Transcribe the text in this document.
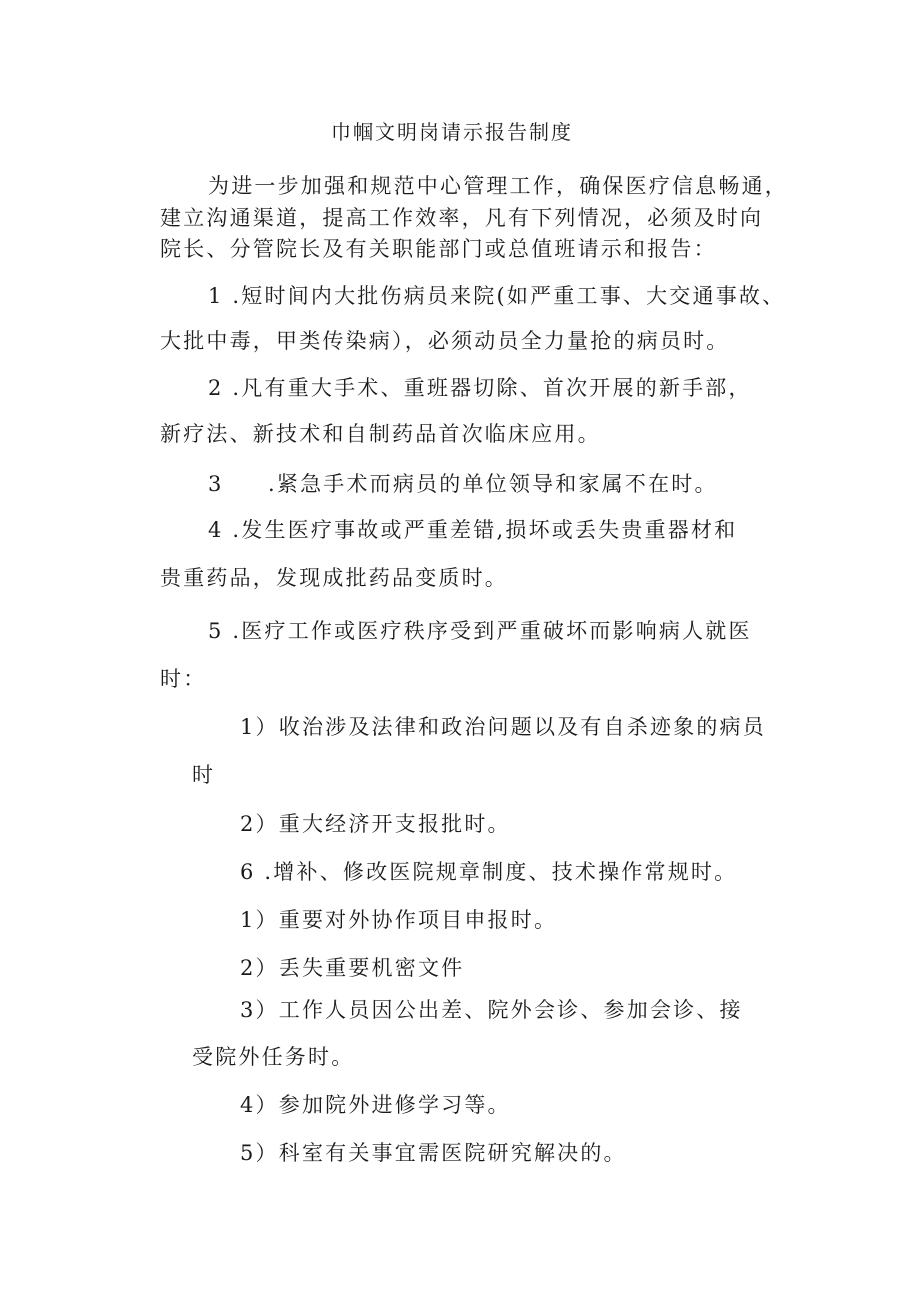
巾帼文明岗请示报告制度
为进一步加强和规范中心管理工作，确保医疗信息畅通，
建立沟通渠道，提高工作效率，凡有下列情况，必须及时向
院长、分管院长及有关职能部门或总值班请示和报告：
1 .短时间内大批伤病员来院(如严重工事、大交通事故、
大批中毒，甲类传染病），必须动员全力量抢的病员时。
2 .凡有重大手术、重班器切除、首次开展的新手部，
新疗法、新技术和自制药品首次临床应用。
3 .紧急手术而病员的单位领导和家属不在时。
4 .发生医疗事故或严重差错,损坏或丢失贵重器材和
贵重药品，发现成批药品变质时。
5 .医疗工作或医疗秩序受到严重破坏而影响病人就医
时：
1）收治涉及法律和政治问题以及有自杀迹象的病员
时
2）重大经济开支报批时。
6 .增补、修改医院规章制度、技术操作常规时。
1）重要对外协作项目申报时。
2）丢失重要机密文件
3）工作人员因公出差、院外会诊、参加会诊、接
受院外任务时。
4）参加院外进修学习等。
5）科室有关事宜需医院研究解决的。
